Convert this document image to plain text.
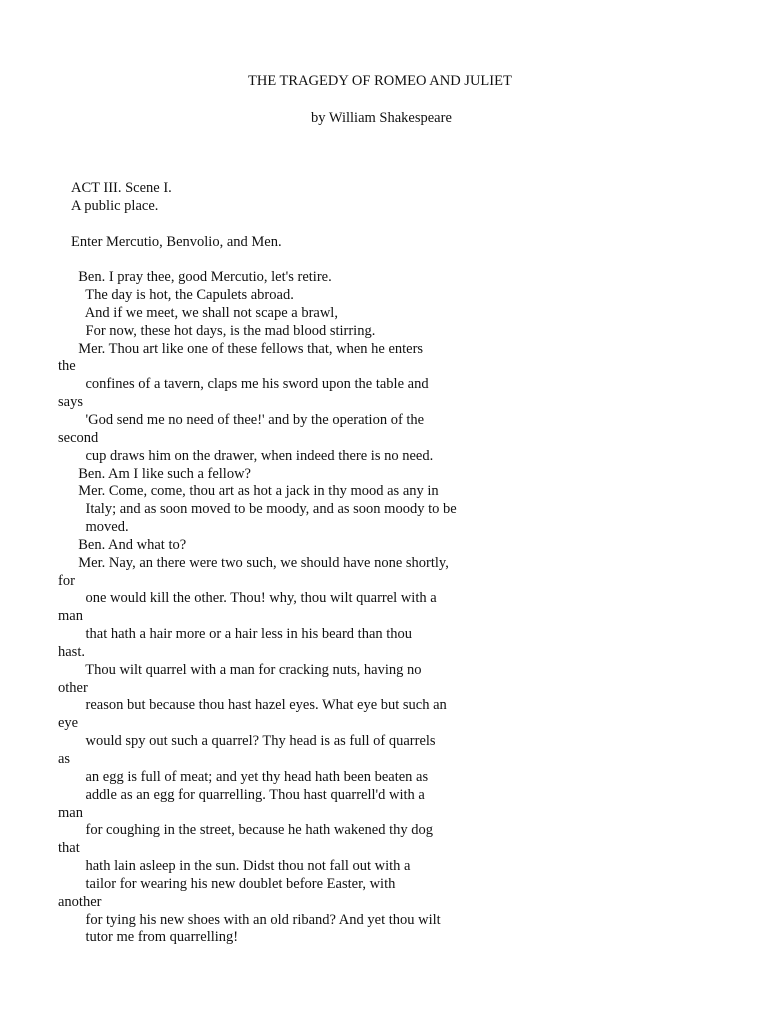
THE TRAGEDY OF ROMEO AND JULIET

by William Shakespeare

ACT III. Scene I.
A public place.
Enter Mercutio, Benvolio, and Men.
Ben. I pray thee, good Mercutio, let's retire.
The day is hot, the Capulets abroad.
And if we meet, we shall not scape a brawl,
For now, these hot days, is the mad blood stirring.
Mer. Thou art like one of these fellows that, when he enters
the
confines of a tavern, claps me his sword upon the table and
says
'God send me no need of thee!' and by the operation of the
second
cup draws him on the drawer, when indeed there is no need.
Ben. Am I like such a fellow?
Mer. Come, come, thou art as hot a jack in thy mood as any in
Italy; and as soon moved to be moody, and as soon moody to be
moved.
Ben. And what to?
Mer. Nay, an there were two such, we should have none shortly,
for
one would kill the other. Thou! why, thou wilt quarrel with a
man
that hath a hair more or a hair less in his beard than thou
hast.
Thou wilt quarrel with a man for cracking nuts, having no
other
reason but because thou hast hazel eyes. What eye but such an
eye
would spy out such a quarrel? Thy head is as full of quarrels
as
an egg is full of meat; and yet thy head hath been beaten as
addle as an egg for quarrelling. Thou hast quarrell'd with a
man
for coughing in the street, because he hath wakened thy dog
that
hath lain asleep in the sun. Didst thou not fall out with a
tailor for wearing his new doublet before Easter, with
another
for tying his new shoes with an old riband? And yet thou wilt
tutor me from quarrelling!
